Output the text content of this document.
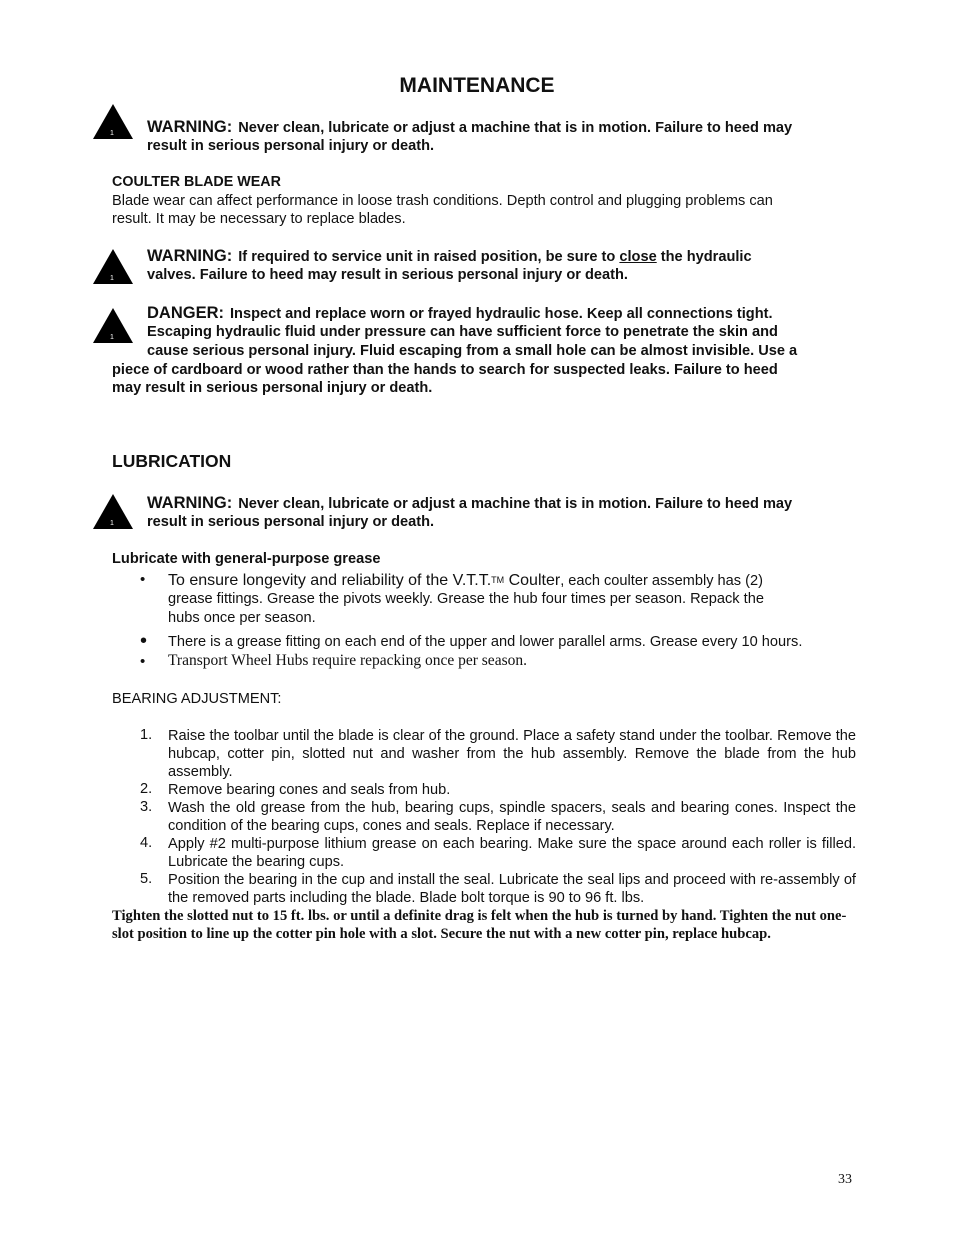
MAINTENANCE
1 WARNING: Never clean, lubricate or adjust a machine that is in motion. Failure to heed may
result in serious personal injury or death.
COULTER BLADE WEAR
Blade wear can affect performance in loose trash conditions. Depth control and plugging problems can
result. It may be necessary to replace blades.
1
WARNING: If required to service unit in raised position, be sure to close the hydraulic
valves. Failure to heed may result in serious personal injury or death.
1
DANGER: Inspect and replace worn or frayed hydraulic hose. Keep all connections tight.
Escaping hydraulic fluid under pressure can have sufficient force to penetrate the skin and
cause serious personal injury. Fluid escaping from a small hole can be almost invisible. Use a
piece of cardboard or wood rather than the hands to search for suspected leaks. Failure to heed
may result in serious personal injury or death.
LUBRICATION
1
WARNING: Never clean, lubricate or adjust a machine that is in motion. Failure to heed may
result in serious personal injury or death.
Lubricate with general-purpose grease
• To ensure longevity and reliability of the V.T.T.TM Coulter, each coulter assembly has (2)
grease fittings. Grease the pivots weekly. Grease the hub four times per season. Repack the
hubs once per season.
• There is a grease fitting on each end of the upper and lower parallel arms. Grease every 10 hours.
• Transport Wheel Hubs require repacking once per season.
BEARING ADJUSTMENT:
1. Raise the toolbar until the blade is clear of the ground. Place a safety stand under the toolbar. Remove the hubcap, cotter pin, slotted nut and washer from the hub assembly. Remove the blade from the hub assembly.
2. Remove bearing cones and seals from hub.
3. Wash the old grease from the hub, bearing cups, spindle spacers, seals and bearing cones. Inspect the condition of the bearing cups, cones and seals. Replace if necessary.
4. Apply #2 multi-purpose lithium grease on each bearing. Make sure the space around each roller is filled. Lubricate the bearing cups.
5. Position the bearing in the cup and install the seal. Lubricate the seal lips and proceed with re-assembly of the removed parts including the blade. Blade bolt torque is 90 to 96 ft. lbs.
Tighten the slotted nut to 15 ft. lbs. or until a definite drag is felt when the hub is turned by hand. Tighten the nut one-slot position to line up the cotter pin hole with a slot. Secure the nut with a new cotter pin, replace hubcap.
33
